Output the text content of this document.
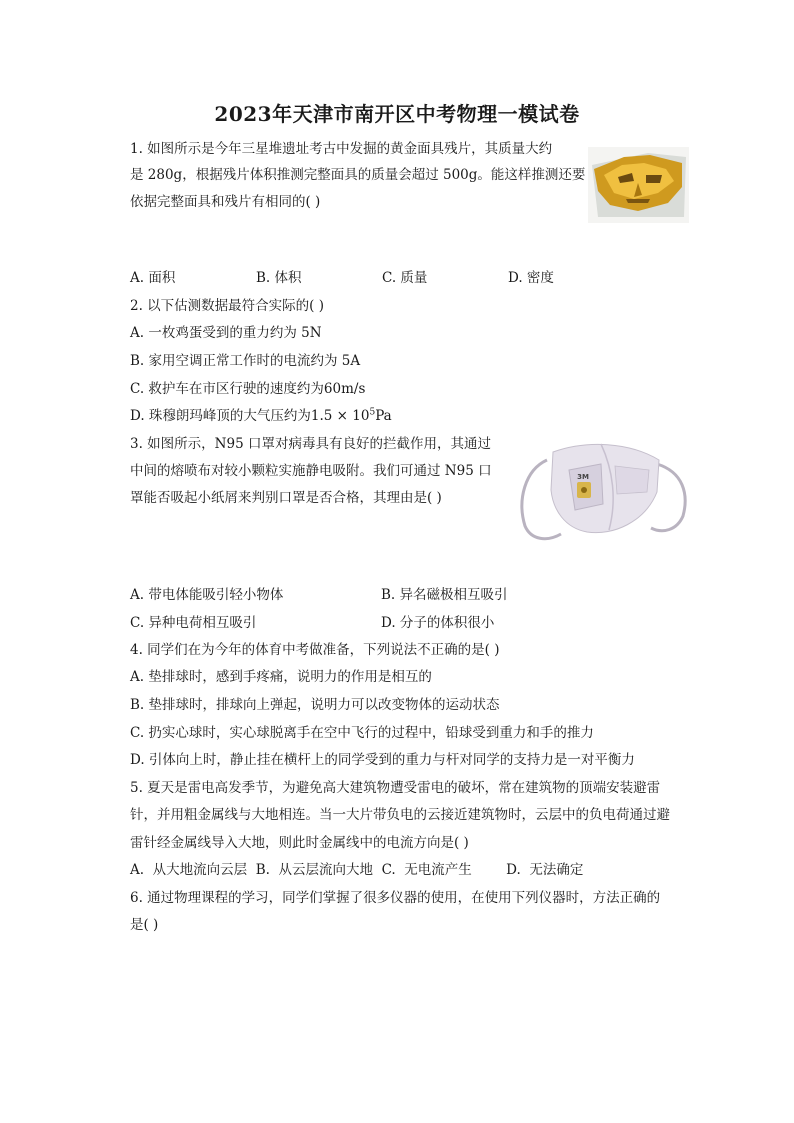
2023年天津市南开区中考物理一模试卷
1. 如图所示是今年三星堆遗址考古中发掘的黄金面具残片，其质量大约
是 280g，根据残片体积推测完整面具的质量会超过 500g。能这样推测还要
依据完整面具和残片有相同的( )
A. 面积	B. 体积	C. 质量	D. 密度
2. 以下估测数据最符合实际的( )
A. 一枚鸡蛋受到的重力约为 5N
B. 家用空调正常工作时的电流约为 5A
C. 救护车在市区行驶的速度约为60m/s
D. 珠穆朗玛峰顶的大气压约为$1.5 \times 10^5Pa$
3. 如图所示，N95 口罩对病毒具有良好的拦截作用，其通过
中间的熔喷布对较小颗粒实施静电吸附。我们可通过 N95 口
罩能否吸起小纸屑来判别口罩是否合格，其理由是( )
3M
A. 带电体能吸引轻小物体	B. 异名磁极相互吸引
C. 异种电荷相互吸引	D. 分子的体积很小
4. 同学们在为今年的体育中考做准备，下列说法不正确的是( )
A. 垫排球时，感到手疼痛，说明力的作用是相互的
B. 垫排球时，排球向上弹起，说明力可以改变物体的运动状态
C. 扔实心球时，实心球脱离手在空中飞行的过程中，铅球受到重力和手的推力
D. 引体向上时，静止挂在横杆上的同学受到的重力与杆对同学的支持力是一对平衡力
5. 夏天是雷电高发季节，为避免高大建筑物遭受雷电的破坏，常在建筑物的顶端安装避雷
针，并用粗金属线与大地相连。当一大片带负电的云接近建筑物时，云层中的负电荷通过避
雷针经金属线导入大地，则此时金属线中的电流方向是( )
A.  从大地流向云层  B.  从云层流向大地  C.  无电流产生        D.  无法确定
6. 通过物理课程的学习，同学们掌握了很多仪器的使用，在使用下列仪器时，方法正确的
是( )
